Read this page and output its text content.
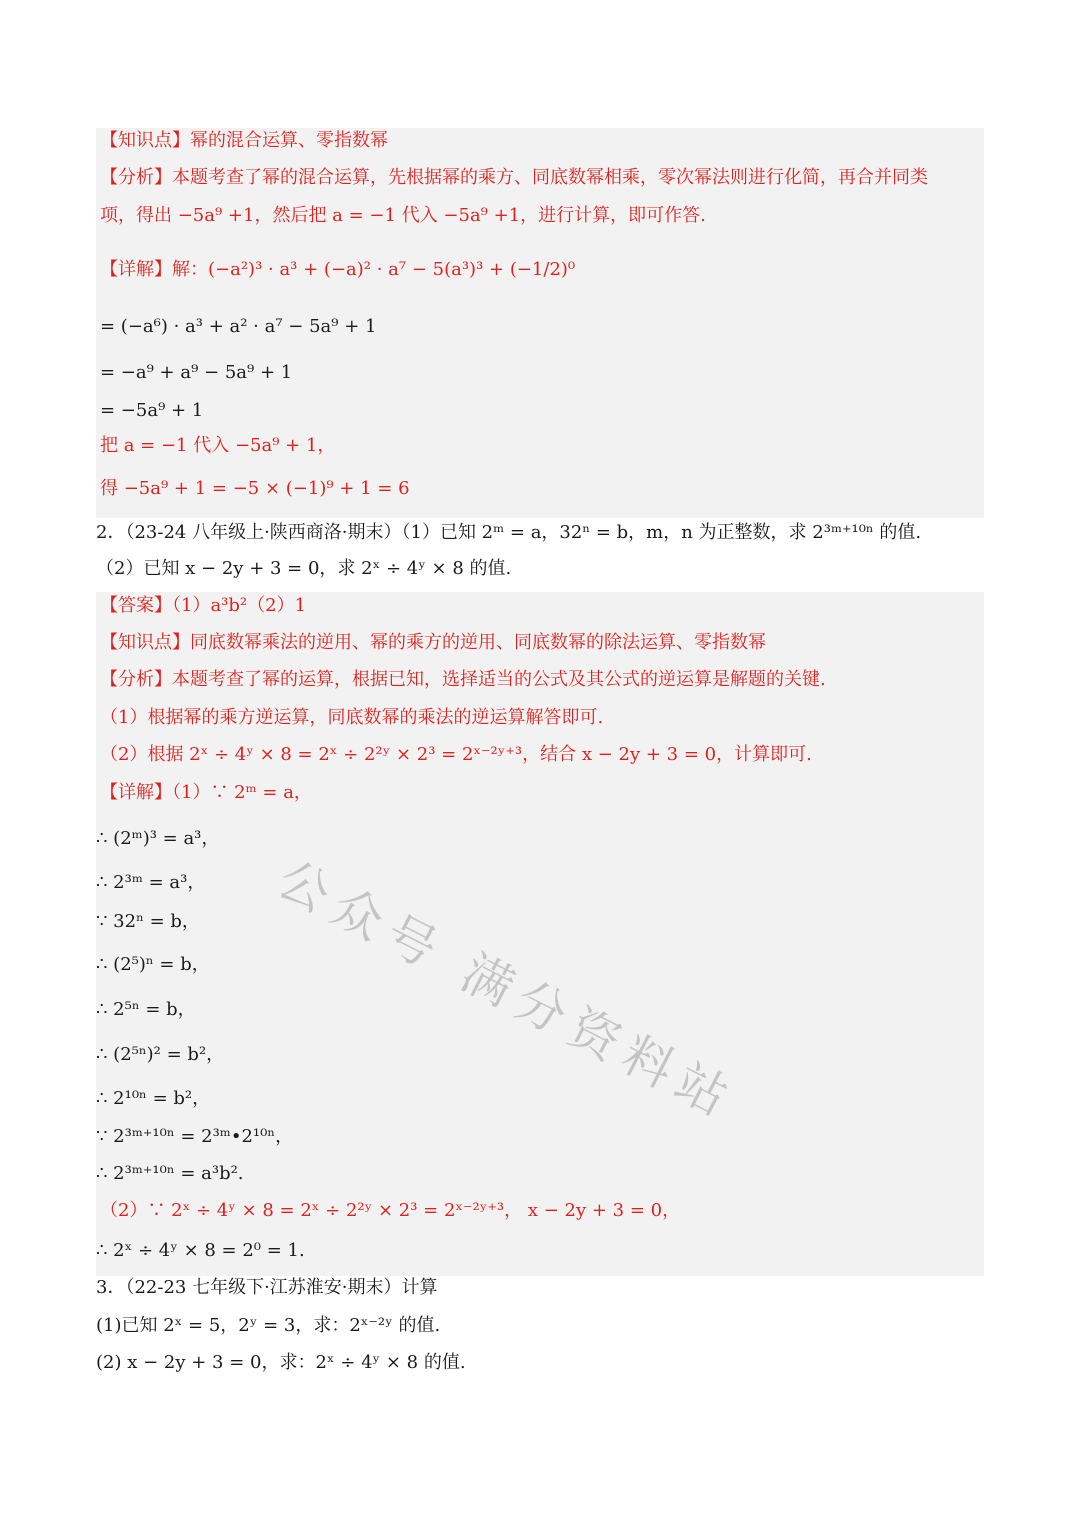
【知识点】幂的混合运算、零指数幂
【分析】本题考查了幂的混合运算，先根据幂的乘方、同底数幂相乘，零次幂法则进行化简，再合并同类
项，得出 −5a⁹ +1，然后把 a = −1 代入 −5a⁹ +1，进行计算，即可作答.
【详解】解：(−a²)³ · a³ + (−a)² · a⁷ − 5(a³)³ + (−1/2)⁰
= (−a⁶) · a³ + a² · a⁷ − 5a⁹ + 1
= −a⁹ + a⁹ − 5a⁹ + 1
= −5a⁹ + 1
把 a = −1 代入 −5a⁹ + 1，
得 −5a⁹ + 1 = −5 × (−1)⁹ + 1 = 6
2．（23-24 八年级上·陕西商洛·期末）（1）已知 2ᵐ = a，32ⁿ = b，m，n 为正整数，求 2³ᵐ⁺¹⁰ⁿ 的值.
（2）已知 x − 2y + 3 = 0，求 2ˣ ÷ 4ʸ × 8 的值.
【答案】（1）a³b²（2）1
【知识点】同底数幂乘法的逆用、幂的乘方的逆用、同底数幂的除法运算、零指数幂
【分析】本题考查了幂的运算，根据已知，选择适当的公式及其公式的逆运算是解题的关键.
（1）根据幂的乘方逆运算，同底数幂的乘法的逆运算解答即可.
（2）根据 2ˣ ÷ 4ʸ × 8 = 2ˣ ÷ 2²ʸ × 2³ = 2ˣ⁻²ʸ⁺³，结合 x − 2y + 3 = 0，计算即可.
【详解】（1）∵ 2ᵐ = a，
∴ (2ᵐ)³ = a³，
∴ 2³ᵐ = a³，
∵ 32ⁿ = b，
∴ (2⁵)ⁿ = b，
∴ 2⁵ⁿ = b，
∴ (2⁵ⁿ)² = b²，
∴ 2¹⁰ⁿ = b²，
∵ 2³ᵐ⁺¹⁰ⁿ = 2³ᵐ•2¹⁰ⁿ，
∴ 2³ᵐ⁺¹⁰ⁿ = a³b².
（2）∵ 2ˣ ÷ 4ʸ × 8 = 2ˣ ÷ 2²ʸ × 2³ = 2ˣ⁻²ʸ⁺³， x − 2y + 3 = 0，
∴ 2ˣ ÷ 4ʸ × 8 = 2⁰ = 1.
3．（22-23 七年级下·江苏淮安·期末）计算
(1)已知 2ˣ = 5，2ʸ = 3，求：2ˣ⁻²ʸ 的值.
(2) x − 2y + 3 = 0，求：2ˣ ÷ 4ʸ × 8 的值.
公众号 满分资料站
